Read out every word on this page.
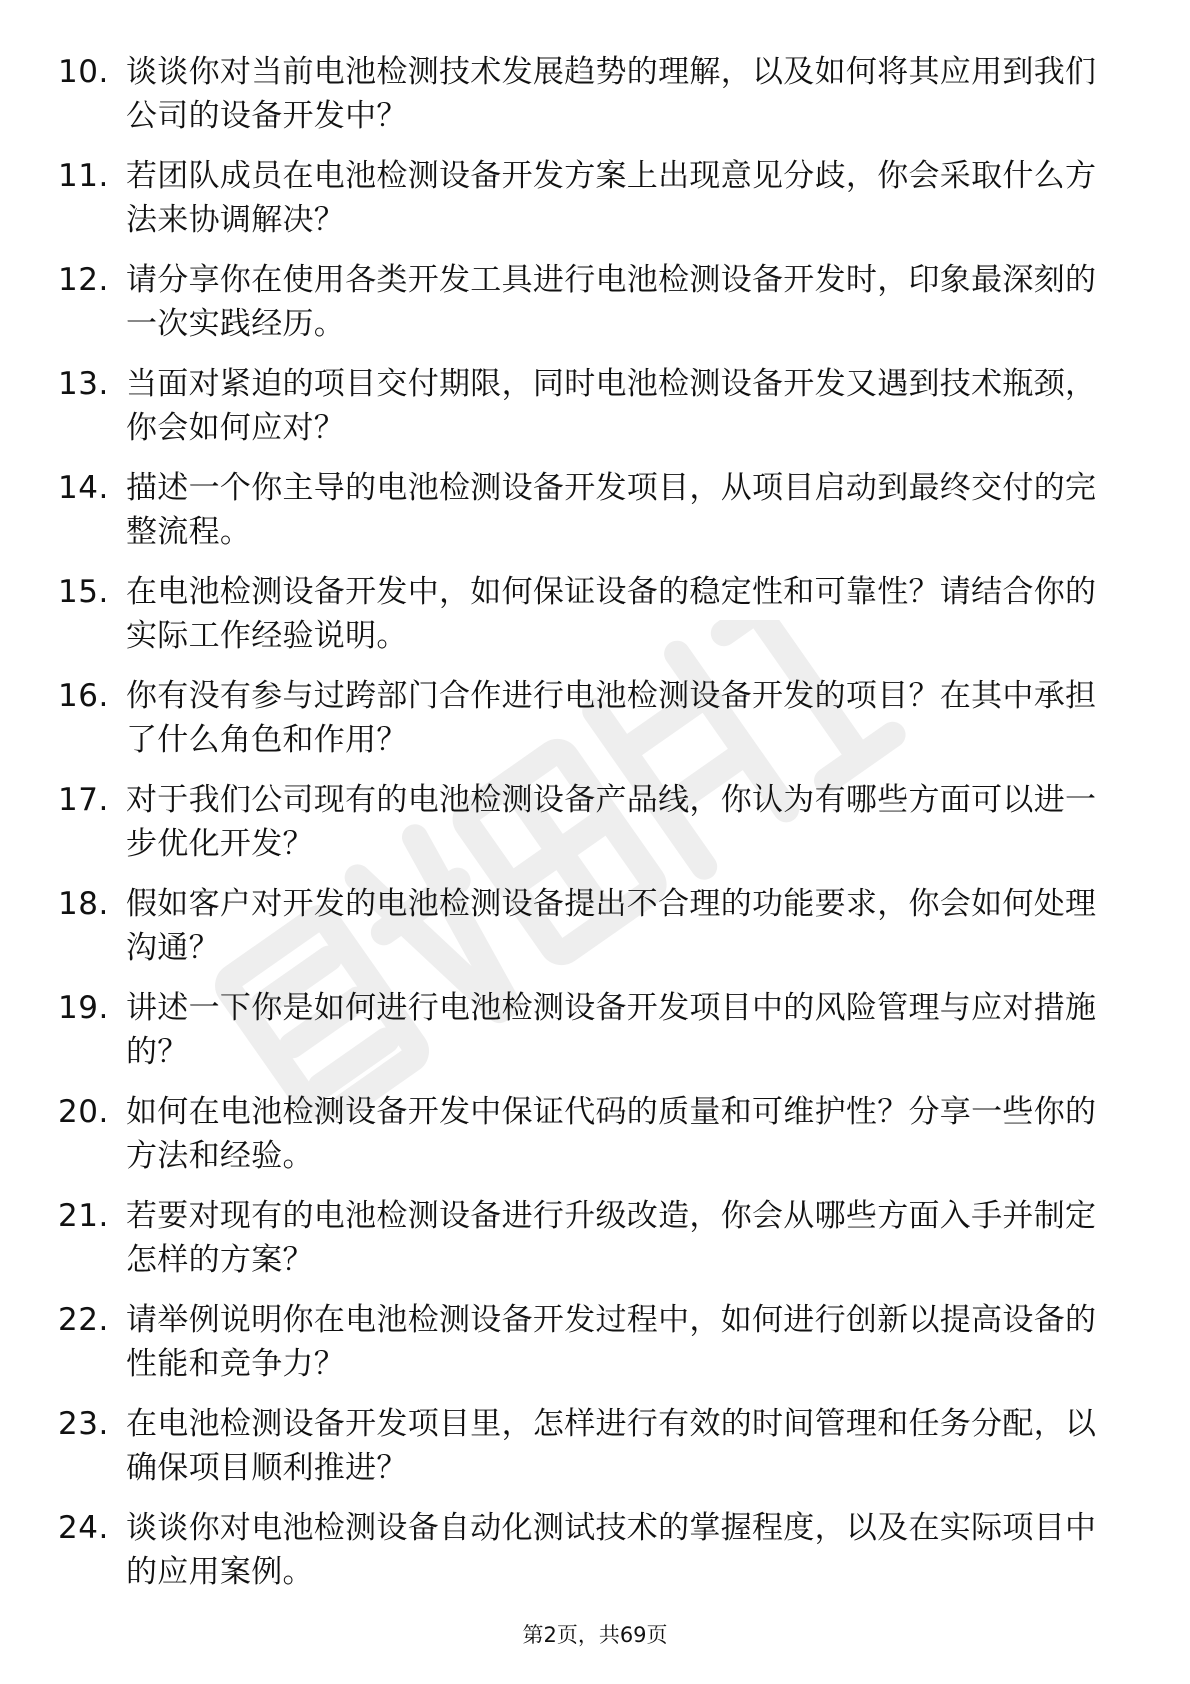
10. 谈谈你对当前电池检测技术发展趋势的理解，以及如何将其应用到我们公司的设备开发中？
11. 若团队成员在电池检测设备开发方案上出现意见分歧，你会采取什么方法来协调解决？
12. 请分享你在使用各类开发工具进行电池检测设备开发时，印象最深刻的一次实践经历。
13. 当面对紧迫的项目交付期限，同时电池检测设备开发又遇到技术瓶颈，你会如何应对？
14. 描述一个你主导的电池检测设备开发项目，从项目启动到最终交付的完整流程。
15. 在电池检测设备开发中，如何保证设备的稳定性和可靠性？请结合你的实际工作经验说明。
16. 你有没有参与过跨部门合作进行电池检测设备开发的项目？在其中承担了什么角色和作用？
17. 对于我们公司现有的电池检测设备产品线，你认为有哪些方面可以进一步优化开发？
18. 假如客户对开发的电池检测设备提出不合理的功能要求，你会如何处理沟通？
19. 讲述一下你是如何进行电池检测设备开发项目中的风险管理与应对措施的？
20. 如何在电池检测设备开发中保证代码的质量和可维护性？分享一些你的方法和经验。
21. 若要对现有的电池检测设备进行升级改造，你会从哪些方面入手并制定怎样的方案？
22. 请举例说明你在电池检测设备开发过程中，如何进行创新以提高设备的性能和竞争力？
23. 在电池检测设备开发项目里，怎样进行有效的时间管理和任务分配，以确保项目顺利推进？
24. 谈谈你对电池检测设备自动化测试技术的掌握程度，以及在实际项目中的应用案例。
第2页，共69页
